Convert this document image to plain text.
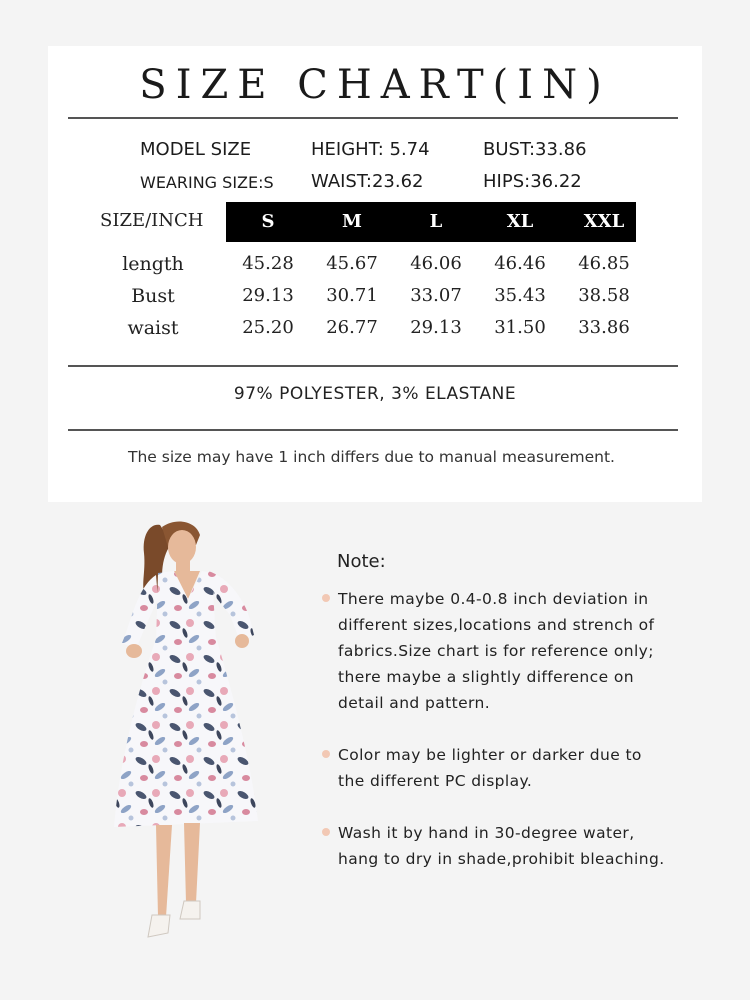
SIZE CHART(IN)
MODEL SIZE	HEIGHT: 5.74	BUST:33.86
WEARING SIZE:S WAIST:23.62	HIPS:36.22
SIZE/INCH	S	M	L	XL	XXL
length	45.28	45.67	46.06	46.46	46.85
Bust	29.13	30.71	33.07	35.43	38.58
waist	25.20	26.77	29.13	31.50	33.86
97% POLYESTER, 3% ELASTANE
The size may have 1 inch differs due to manual measurement.
Note:
There maybe 0.4-0.8 inch deviation in
different sizes,locations and strench of
fabrics.Size chart is for reference only;
there maybe a slightly difference on
detail and pattern.
Color may be lighter or darker due to
the different PC display.
Wash it by hand in 30-degree water,
hang to dry in shade,prohibit bleaching.
